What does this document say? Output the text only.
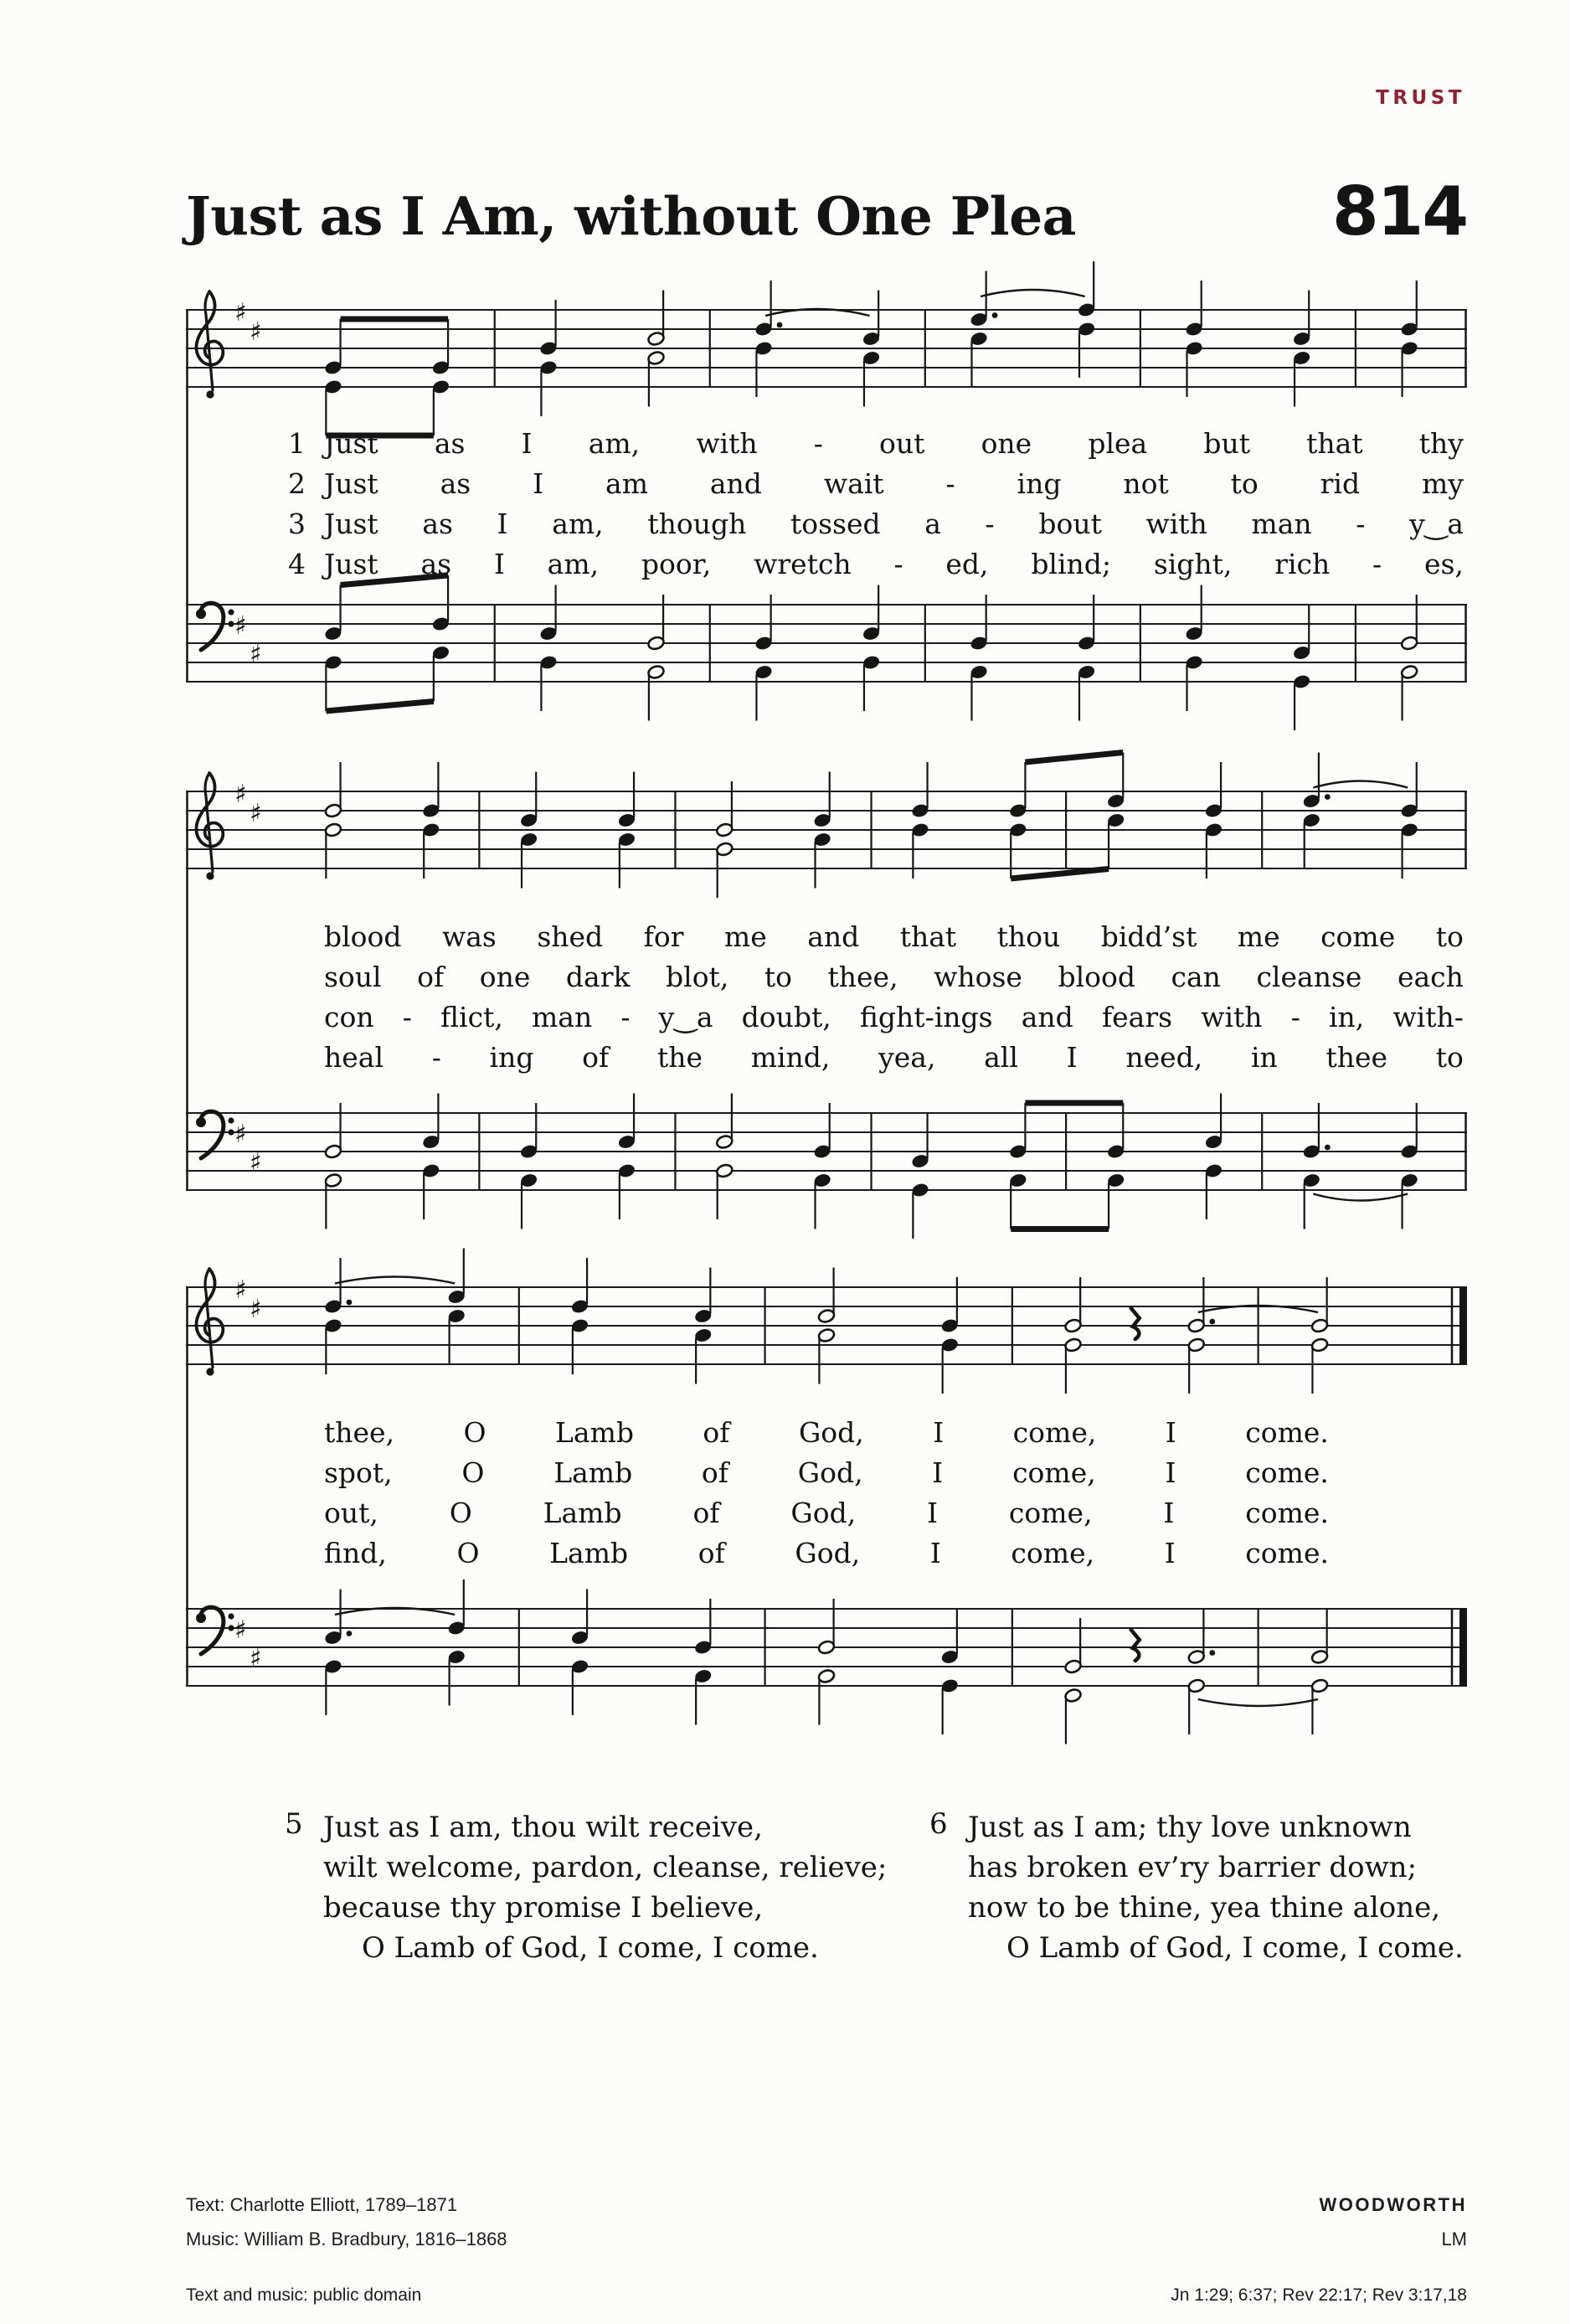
TRUST
Just as I Am, without One Plea	814
♯
♯
♯
♯
1 Just as I am, with - out one plea but that thy
2 Just as I am and wait - ing not to rid my
3 Just as I am, though tossed a - bout with man - y‿a
4 Just as I am, poor, wretch - ed, blind; sight, rich - es,
♯
♯
♯
♯
blood was shed for me and that thou bidd’st me come to
soul of one dark blot, to thee, whose blood can cleanse each
con - flict, man - y‿a doubt, fight-ings and fears with - in, with-
heal - ing of the mind, yea, all I need, in thee to
♯
♯
♯
♯
thee, O Lamb of God, I come, I come.
spot,	O	Lamb	of	God,	I	come,	I	come.
out,	O	Lamb	of	God,	I	come,	I	come.
find,	O	Lamb	of	God,	I	come,	I	come.
5 Just as I am, thou wilt receive,
wilt welcome, pardon, cleanse, relieve;
because thy promise I believe,
O Lamb of God, I come, I come.
6 Just as I am; thy love unknown
has broken ev’ry barrier down;
now to be thine, yea thine alone,
O Lamb of God, I come, I come.
Text: Charlotte Elliott, 1789–1871
Music: William B. Bradbury, 1816–1868
Text and music: public domain
WOODWORTH
LM
Jn 1:29; 6:37; Rev 22:17; Rev 3:17,18
